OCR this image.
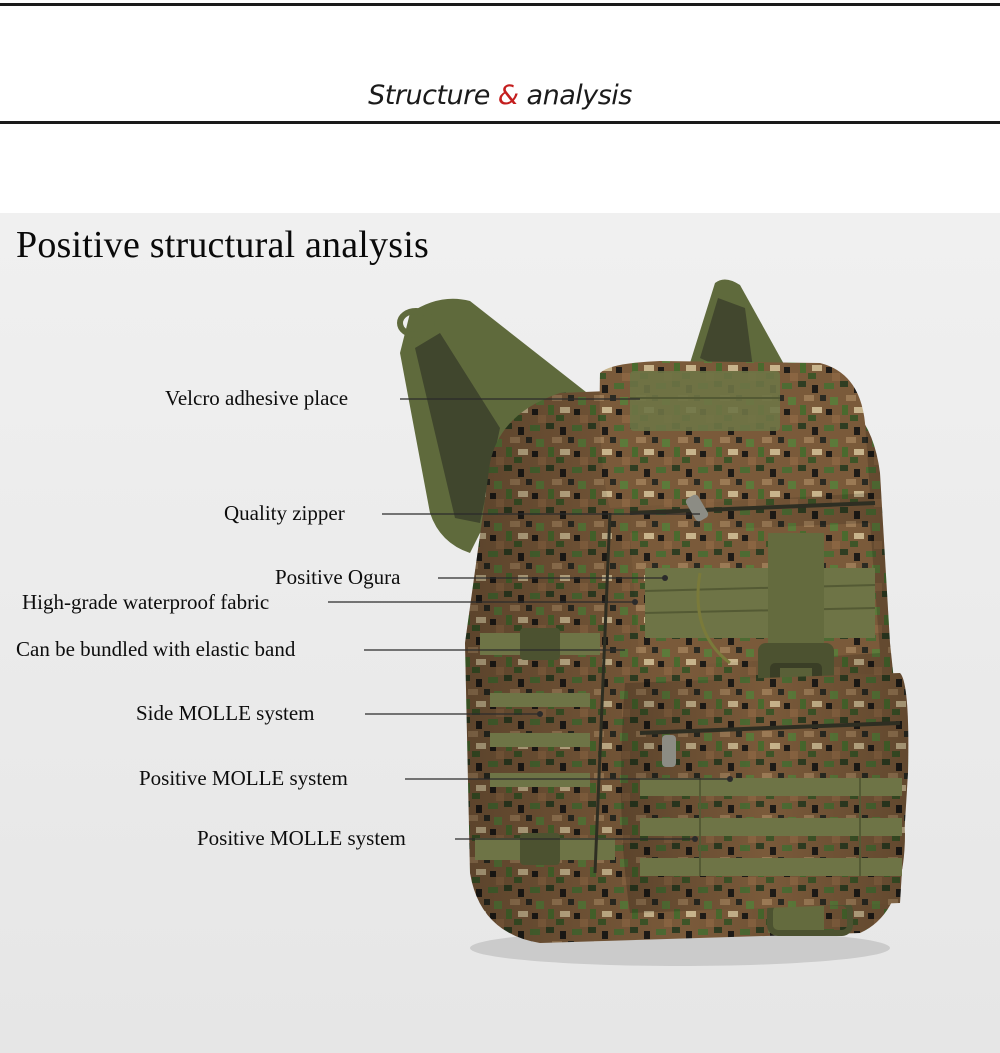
Structure & analysis
Positive structural analysis
Velcro adhesive place
Quality zipper
Positive Ogura
High-grade waterproof fabric
Can be bundled with elastic band
Side MOLLE system
Positive MOLLE system
Positive MOLLE system
